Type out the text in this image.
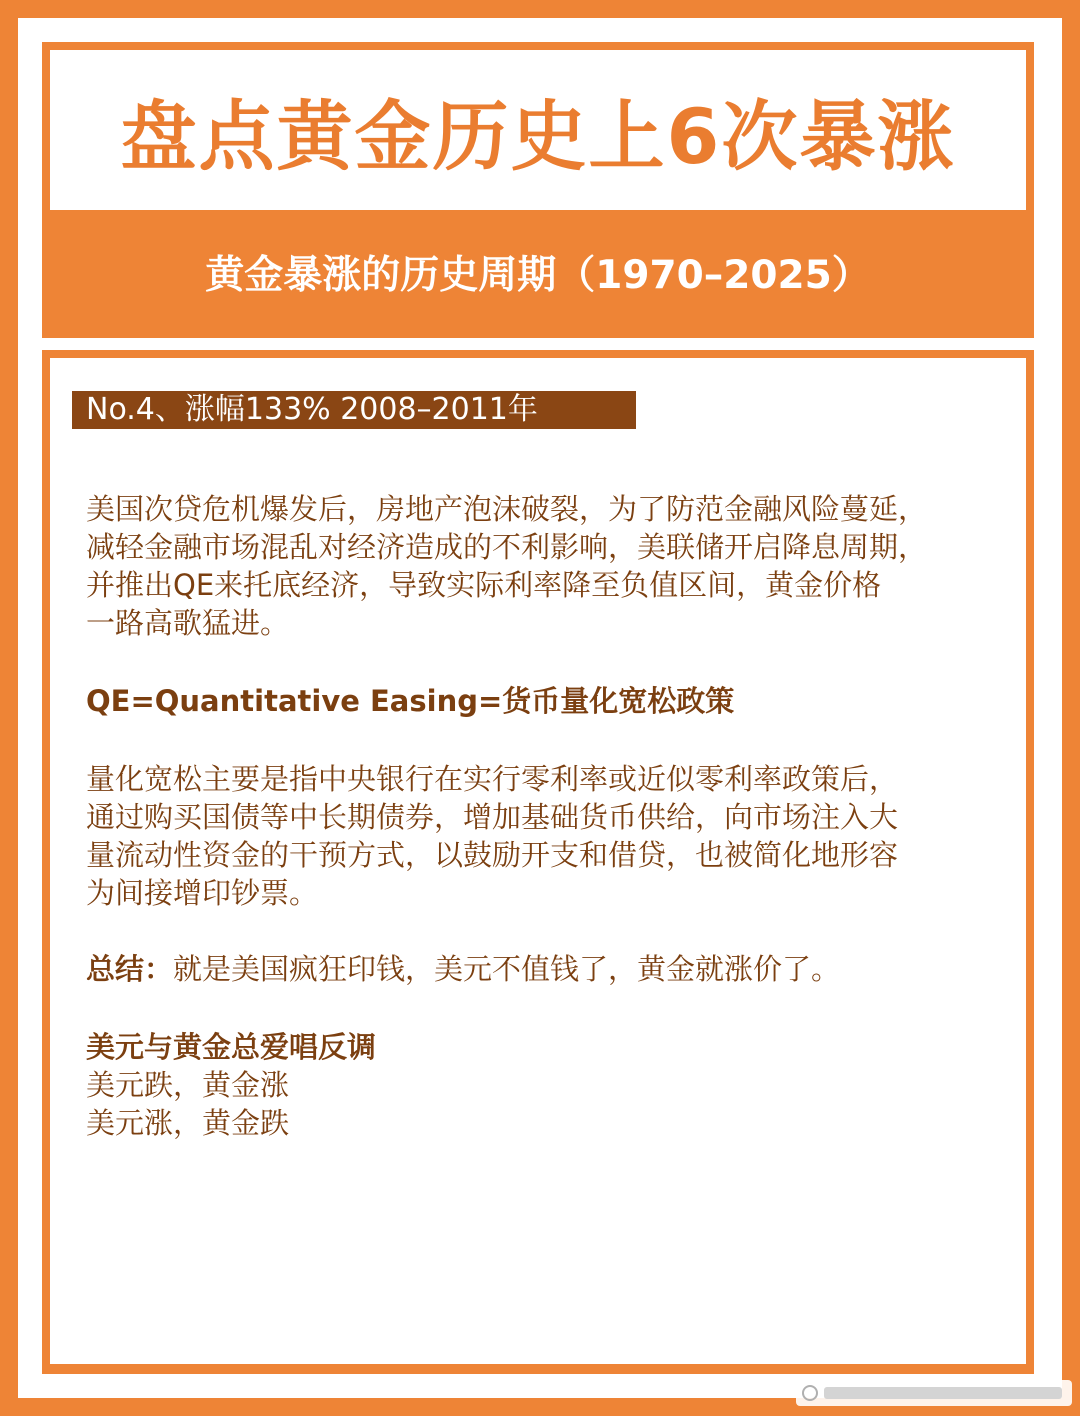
盘点黄金历史上6次暴涨
黄金暴涨的历史周期（1970–2025）
No.4、涨幅133% 2008–2011年
美国次贷危机爆发后，房地产泡沫破裂，为了防范金融风险蔓延，
减轻金融市场混乱对经济造成的不利影响，美联储开启降息周期，
并推出QE来托底经济，导致实际利率降至负值区间，黄金价格
一路高歌猛进。
QE=Quantitative Easing=货币量化宽松政策
量化宽松主要是指中央银行在实行零利率或近似零利率政策后，
通过购买国债等中长期债券，增加基础货币供给，向市场注入大
量流动性资金的干预方式，以鼓励开支和借贷，也被简化地形容
为间接增印钞票。
总结：就是美国疯狂印钱，美元不值钱了，黄金就涨价了。
美元与黄金总爱唱反调
美元跌，黄金涨
美元涨，黄金跌
